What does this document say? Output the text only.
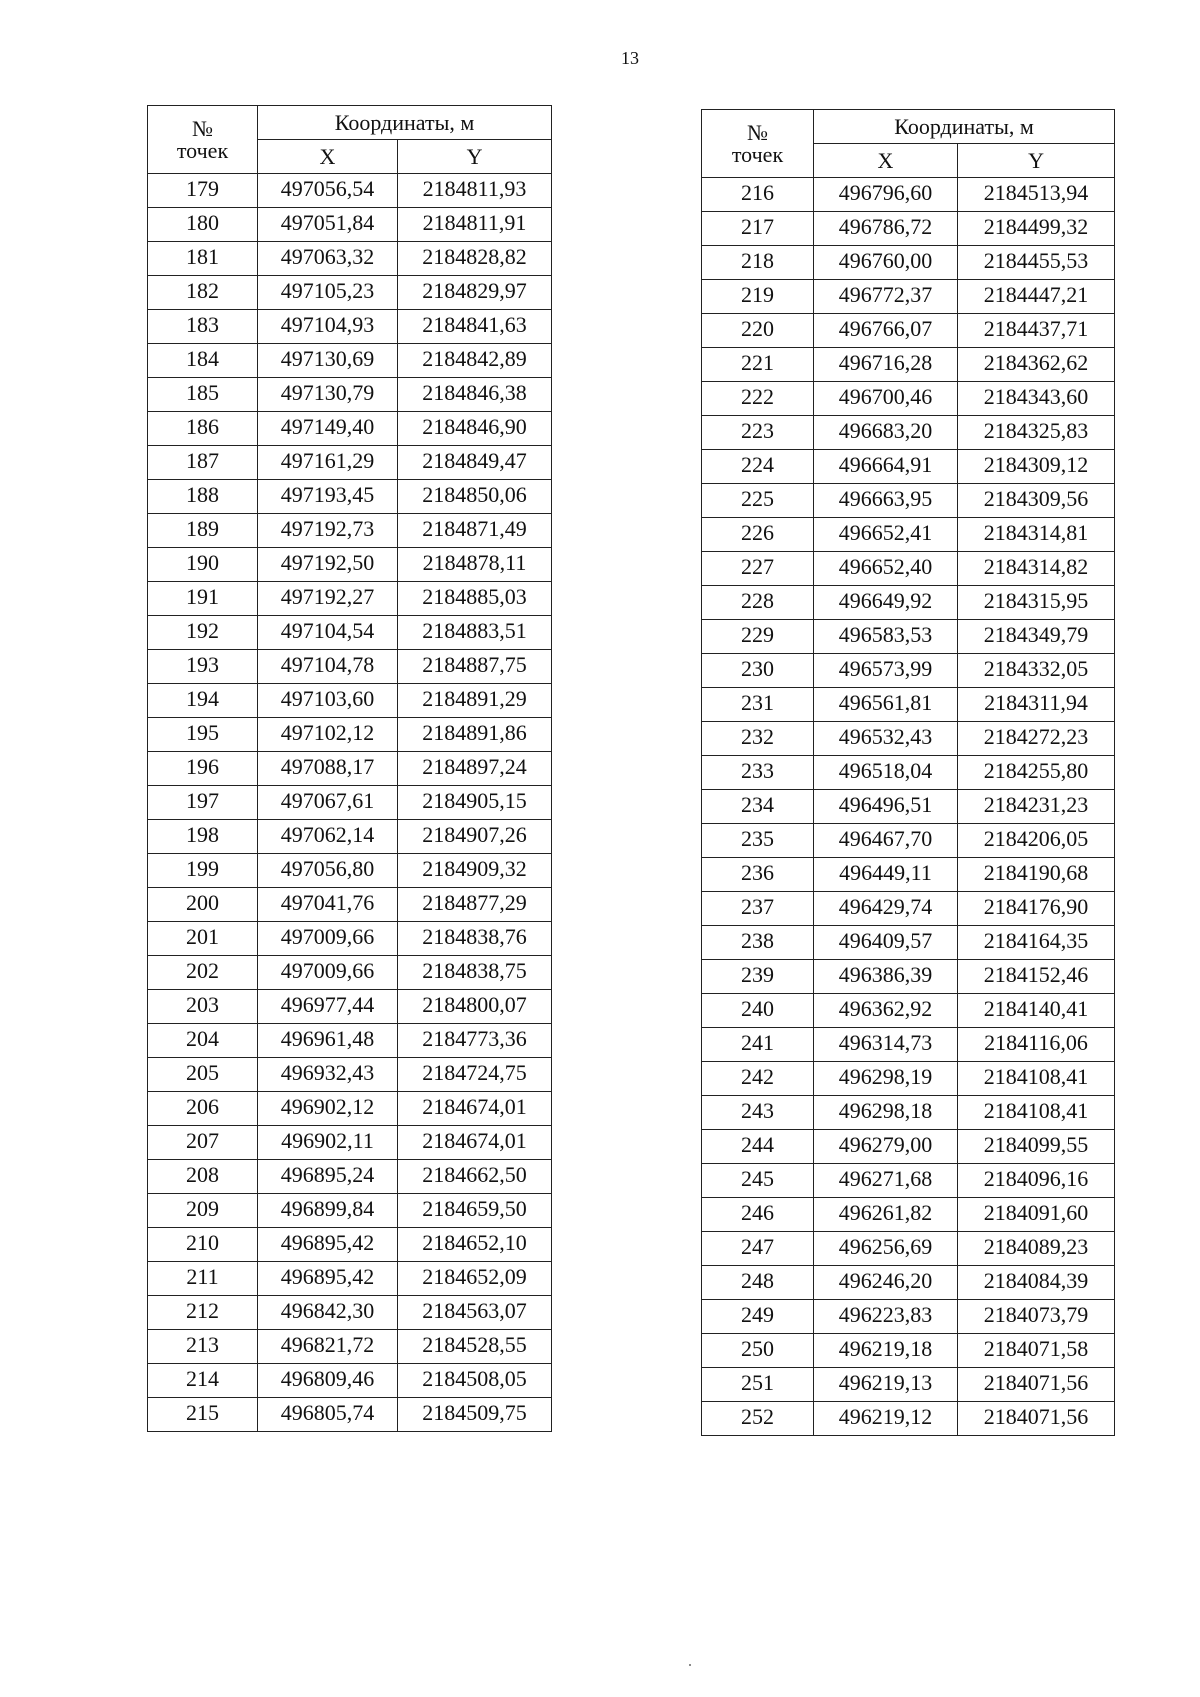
13
№
точек	Координаты, м	
	X	Y
179	497056,54	2184811,93
180	497051,84	2184811,91
181	497063,32	2184828,82
182	497105,23	2184829,97
183	497104,93	2184841,63
184	497130,69	2184842,89
185	497130,79	2184846,38
186	497149,40	2184846,90
187	497161,29	2184849,47
188	497193,45	2184850,06
189	497192,73	2184871,49
190	497192,50	2184878,11
191	497192,27	2184885,03
192	497104,54	2184883,51
193	497104,78	2184887,75
194	497103,60	2184891,29
195	497102,12	2184891,86
196	497088,17	2184897,24
197	497067,61	2184905,15
198	497062,14	2184907,26
199	497056,80	2184909,32
200	497041,76	2184877,29
201	497009,66	2184838,76
202	497009,66	2184838,75
203	496977,44	2184800,07
204	496961,48	2184773,36
205	496932,43	2184724,75
206	496902,12	2184674,01
207	496902,11	2184674,01
208	496895,24	2184662,50
209	496899,84	2184659,50
210	496895,42	2184652,10
211	496895,42	2184652,09
212	496842,30	2184563,07
213	496821,72	2184528,55
214	496809,46	2184508,05
215	496805,74	2184509,75
№
точек	Координаты, м	
	X	Y
216	496796,60	2184513,94
217	496786,72	2184499,32
218	496760,00	2184455,53
219	496772,37	2184447,21
220	496766,07	2184437,71
221	496716,28	2184362,62
222	496700,46	2184343,60
223	496683,20	2184325,83
224	496664,91	2184309,12
225	496663,95	2184309,56
226	496652,41	2184314,81
227	496652,40	2184314,82
228	496649,92	2184315,95
229	496583,53	2184349,79
230	496573,99	2184332,05
231	496561,81	2184311,94
232	496532,43	2184272,23
233	496518,04	2184255,80
234	496496,51	2184231,23
235	496467,70	2184206,05
236	496449,11	2184190,68
237	496429,74	2184176,90
238	496409,57	2184164,35
239	496386,39	2184152,46
240	496362,92	2184140,41
241	496314,73	2184116,06
242	496298,19	2184108,41
243	496298,18	2184108,41
244	496279,00	2184099,55
245	496271,68	2184096,16
246	496261,82	2184091,60
247	496256,69	2184089,23
248	496246,20	2184084,39
249	496223,83	2184073,79
250	496219,18	2184071,58
251	496219,13	2184071,56
252	496219,12	2184071,56
